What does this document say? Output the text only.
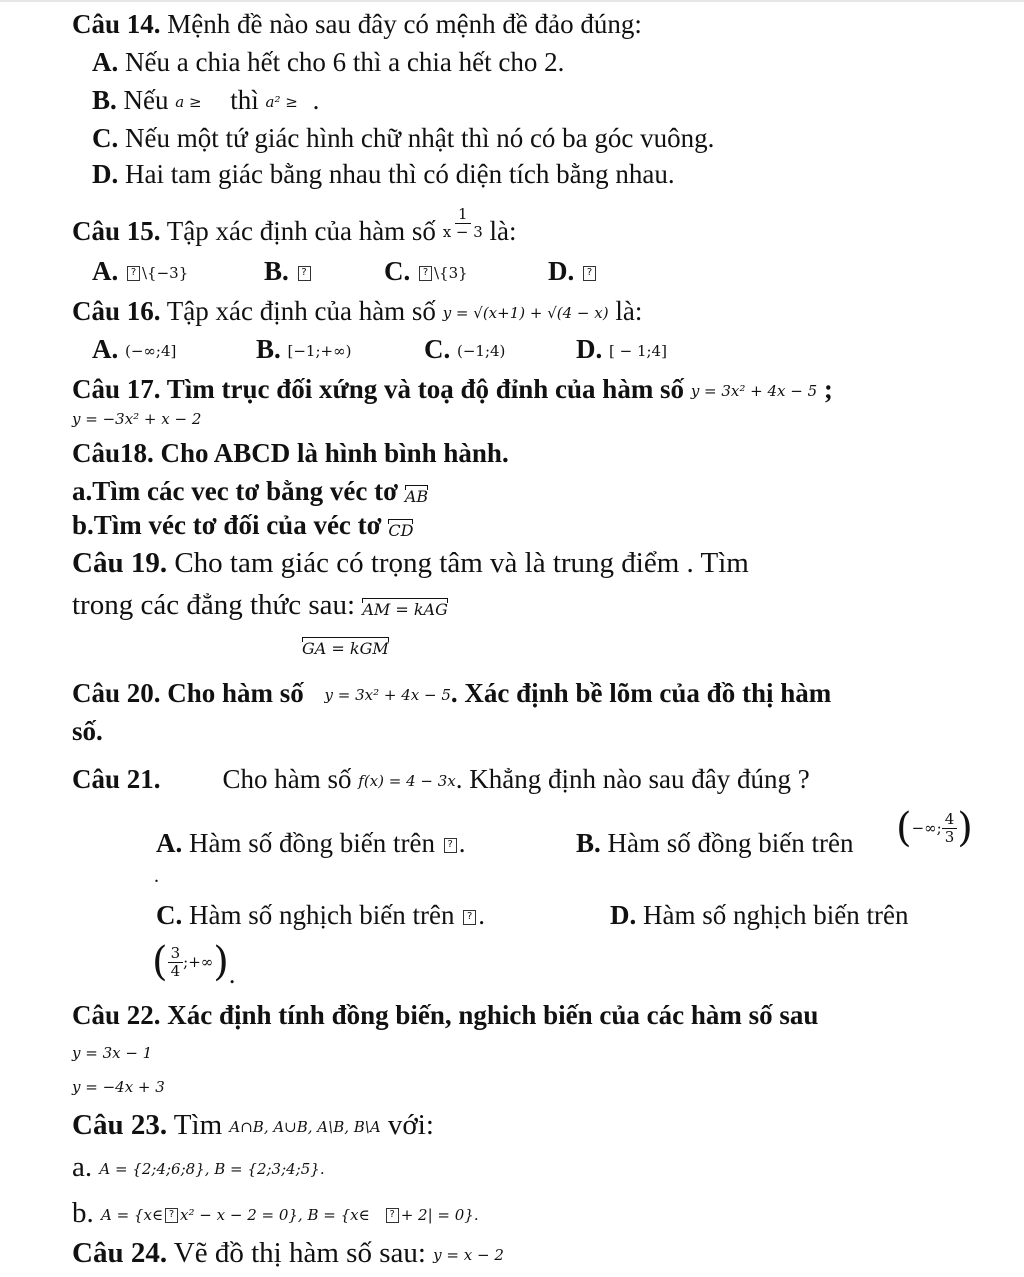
Câu 14. Mệnh đề nào sau đây có mệnh đề đảo đúng:
A. Nếu a chia hết cho 6 thì a chia hết cho 2.
B. Nếu a ≥ thì a² ≥ .
C. Nếu một tứ giác hình chữ nhật thì nó có ba góc vuông.
D. Hai tam giác bằng nhau thì có diện tích bằng nhau.
Câu 15. Tập xác định của hàm số $\frac{1}{x - 3}$ là:
A. ? \{−3}	B. ?	C. ? \{3}	D. ?
Câu 16. Tập xác định của hàm số y = √(x+1) + √(4 − x) là:
A. (−∞;4]	B. [−1;+∞)	C. (−1;4)	D. [ − 1;4]
Câu 17. Tìm trục đối xứng và toạ độ đỉnh của hàm số y = 3x² + 4x − 5 ;
y = −3x² + x − 2
Câu18. Cho ABCD là hình bình hành.
a.Tìm các vec tơ bằng véc tơ AB
b.Tìm véc tơ đối của véc tơ CD
Câu 19. Cho tam giác có trọng tâm và là trung điểm . Tìm
trong các đẳng thức sau: AM = kAG
GA = kGM
Câu 20. Cho hàm số y = 3x² + 4x − 5. Xác định bề lõm của đồ thị hàm
số.
Câu 21. Cho hàm số f(x) = 4 − 3x. Khẳng định nào sau đây đúng ?
A. Hàm số đồng biến trên ? .	B. Hàm số đồng biến trên ( −∞; $\frac{4}{3}$ )
.
C. Hàm số nghịch biến trên ? .	D. Hàm số nghịch biến trên
( $\frac{3}{4}$ ;+∞ ) .
Câu 22. Xác định tính đồng biến, nghich biến của các hàm số sau
y = 3x − 1
y = −4x + 3
Câu 23. Tìm A∩B, A∪B, A\B, B\A với:
a. A = {2;4;6;8}, B = {2;3;4;5}.
b. A = {x∈ ? x² − x − 2 = 0}, B = {x∈ ? + 2| = 0}.
Câu 24. Vẽ đồ thị hàm số sau: y = x − 2
